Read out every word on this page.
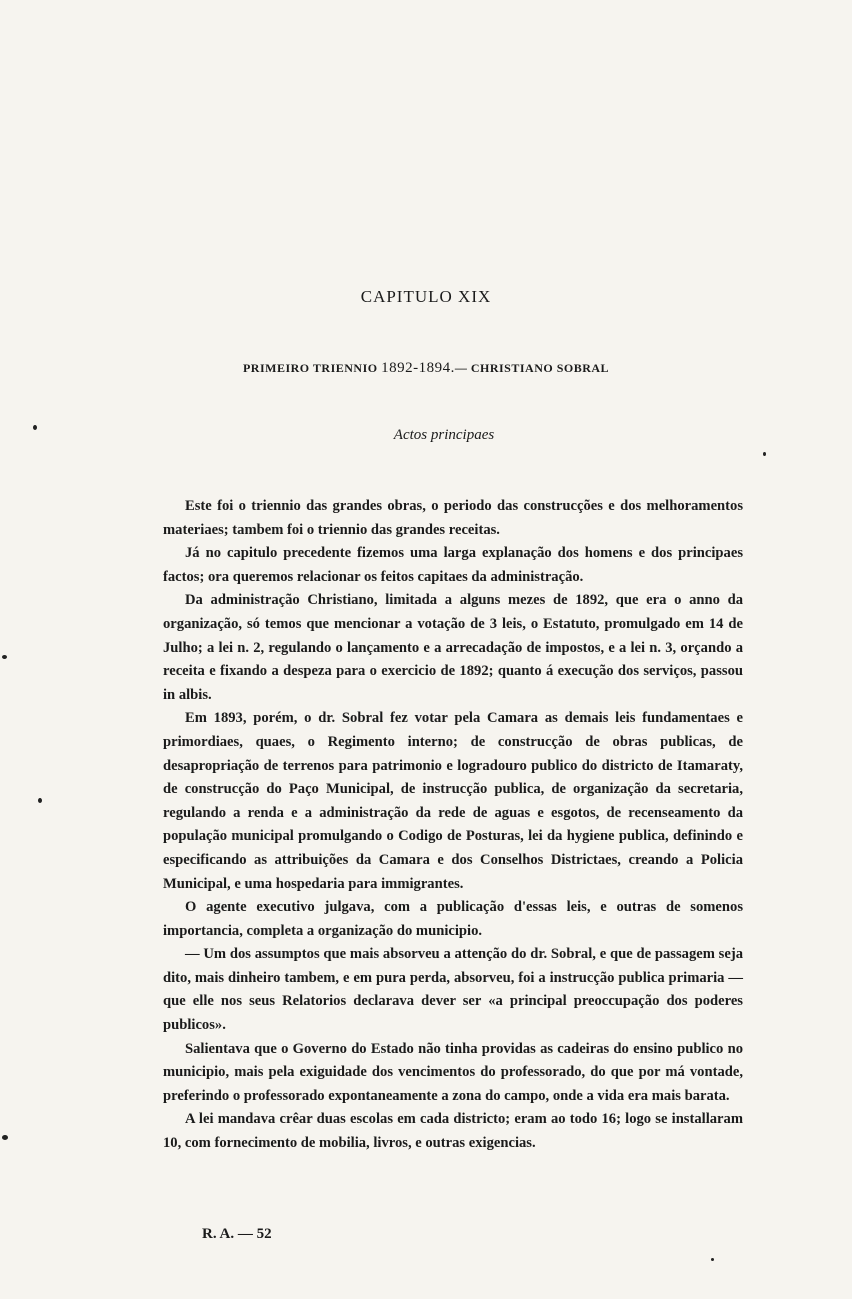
CAPITULO XIX
PRIMEIRO TRIENNIO 1892-1894.— CHRISTIANO SOBRAL
Actos principaes

Este foi o triennio das grandes obras, o periodo das construcções e dos melhoramentos materiaes; tambem foi o triennio das grandes receitas.

Já no capitulo precedente fizemos uma larga explanação dos homens e dos principaes factos; ora queremos relacionar os feitos capitaes da administração.

Da administração Christiano, limitada a alguns mezes de 1892, que era o anno da organização, só temos que mencionar a votação de 3 leis, o Estatuto, promulgado em 14 de Julho; a lei n. 2, regulando o lançamento e a arrecadação de impostos, e a lei n. 3, orçando a receita e fixando a despeza para o exercicio de 1892; quanto á execução dos serviços, passou in albis.

Em 1893, porém, o dr. Sobral fez votar pela Camara as demais leis fundamentaes e primordiaes, quaes, o Regimento interno; de construcção de obras publicas, de desapropriação de terrenos para patrimonio e logradouro publico do districto de Itamaraty, de construcção do Paço Municipal, de instrucção publica, de organização da secretaria, regulando a renda e a administração da rede de aguas e esgotos, de recenseamento da população municipal promulgando o Codigo de Posturas, lei da hygiene publica, definindo e especificando as attribuições da Camara e dos Conselhos Districtaes, creando a Policia Municipal, e uma hospedaria para immigrantes.

O agente executivo julgava, com a publicação d'essas leis, e outras de somenos importancia, completa a organização do municipio.

— Um dos assumptos que mais absorveu a attenção do dr. Sobral, e que de passagem seja dito, mais dinheiro tambem, e em pura perda, absorveu, foi a instrucção publica primaria — que elle nos seus Relatorios declarava dever ser «a principal preoccupação dos poderes publicos».

Salientava que o Governo do Estado não tinha providas as cadeiras do ensino publico no municipio, mais pela exiguidade dos vencimentos do professorado, do que por má vontade, preferindo o professorado expontaneamente a zona do campo, onde a vida era mais barata.

A lei mandava crêar duas escolas em cada districto; eram ao todo 16; logo se installaram 10, com fornecimento de mobilia, livros, e outras exigencias.

R. A. — 52
